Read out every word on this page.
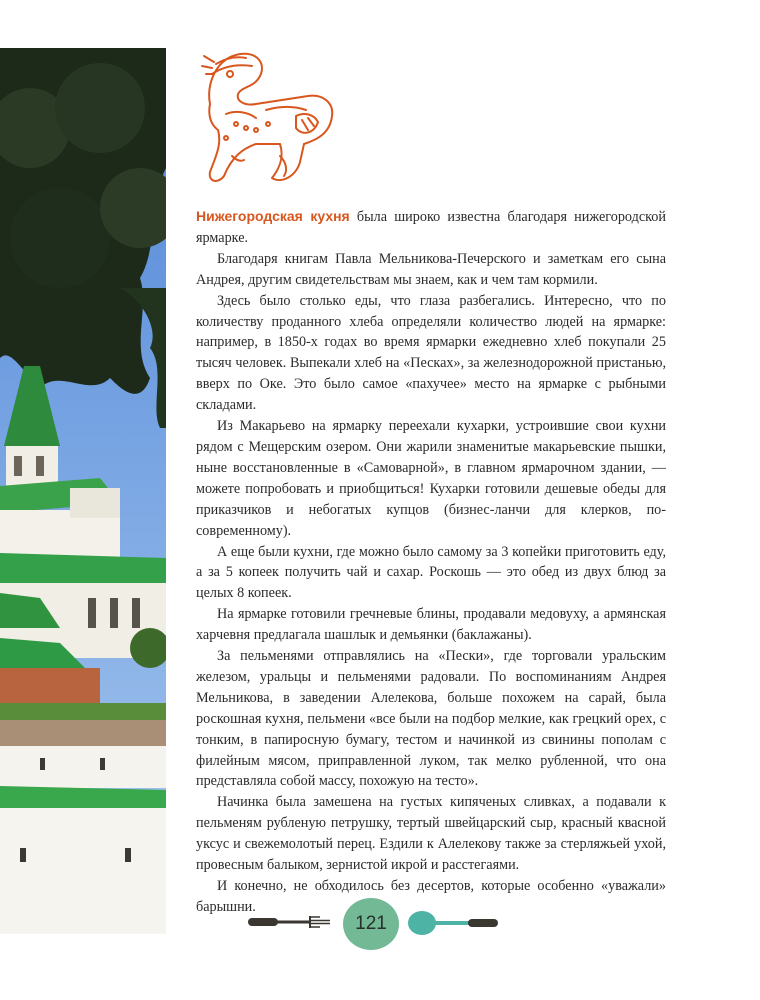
Нижегородская кухня была широко известна благодаря нижегородской ярмарке.

Благодаря книгам Павла Мельникова-Печерского и заметкам его сына Андрея, другим свидетельствам мы знаем, как и чем там кормили.

Здесь было столько еды, что глаза разбегались. Интересно, что по количеству проданного хлеба определяли количество людей на ярмарке: например, в 1850-х годах во время ярмарки ежедневно хлеб покупали 25 тысяч человек. Выпекали хлеб на «Песках», за железнодорожной пристанью, вверх по Оке. Это было самое «пахучее» место на ярмарке с рыбными складами.

Из Макарьево на ярмарку переехали кухарки, устроившие свои кухни рядом с Мещерским озером. Они жарили знаменитые макарьевские пышки, ныне восстановленные в «Самоварной», в главном ярмарочном здании, — можете попробовать и приобщиться! Кухарки готовили дешевые обеды для приказчиков и небогатых купцов (бизнес-ланчи для клерков, по-современному).

А еще были кухни, где можно было самому за 3 копейки приготовить еду, а за 5 копеек получить чай и сахар. Роскошь — это обед из двух блюд за целых 8 копеек.

На ярмарке готовили гречневые блины, продавали медовуху, а армянская харчевня предлагала шашлык и демьянки (баклажаны).

За пельменями отправлялись на «Пески», где торговали уральским железом, уральцы и пельменями радовали. По воспоминаниям Андрея Мельникова, в заведении Алелекова, больше похожем на сарай, была роскошная кухня, пельмени «все были на подбор мелкие, как грецкий орех, с тонким, в папиросную бумагу, тестом и начинкой из свинины пополам с филейным мясом, приправленной луком, так мелко рубленной, что она представляла собой массу, похожую на тесто».

Начинка была замешена на густых кипяченых сливках, а подавали к пельменям рубленую петрушку, тертый швейцарский сыр, красный квасной уксус и свежемолотый перец. Ездили к Алелекову также за стерляжьей ухой, провесным балыком, зернистой икрой и расстегаями.

И конечно, не обходилось без десертов, которые особенно «уважали» барышни.

121
